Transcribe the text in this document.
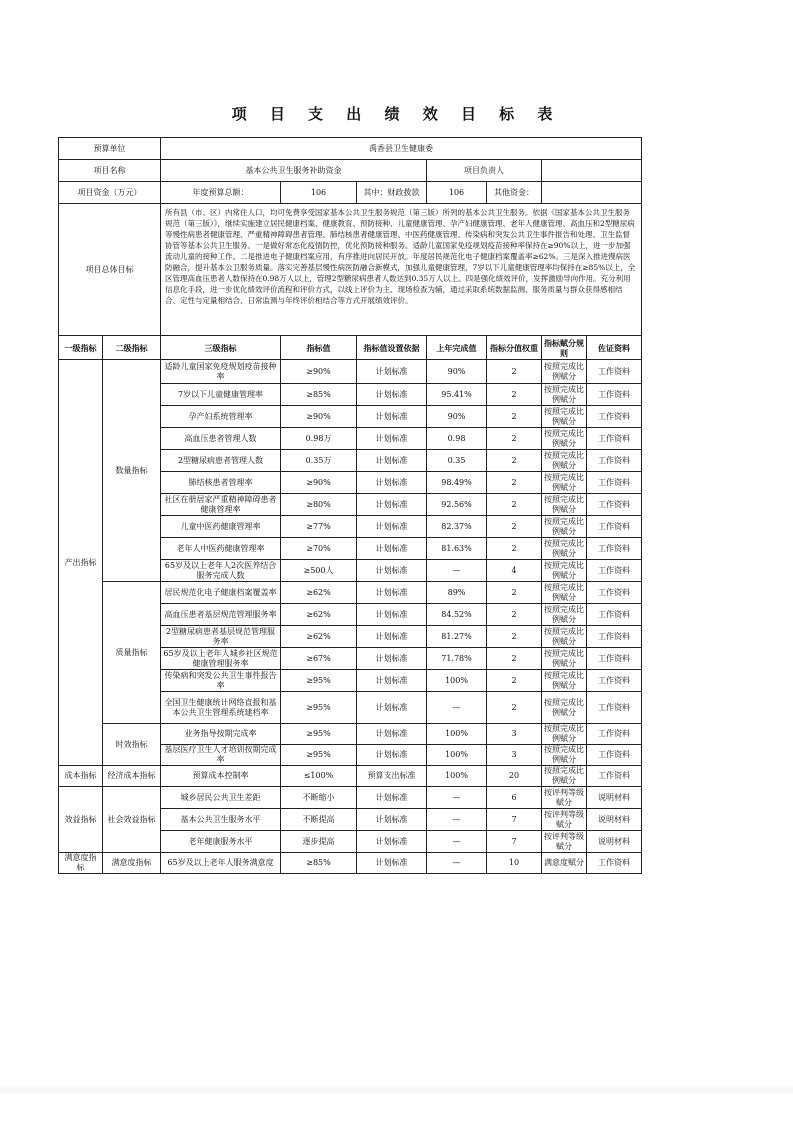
项 目 支 出 绩 效 目 标 表
预算单位		禹香县卫生健康委						
项目名称		基本公共卫生服务补助资金			项目负责人			
项目资金（万元）		年度预算总额：	106	其中：财政拨款	106	其他资金：		
项目总体目标		所有县（市、区）内常住人口，均可免费享受国家基本公共卫生服务规范（第三版）所列的基本公共卫生服务。依据《国家基本公共卫生服务规范（第三版）》，继续实施建立居民健康档案、健康教育、预防接种、儿童健康管理、孕产妇健康管理、老年人健康管理、高血压和2型糖尿病等慢性病患者健康管理、严重精神障碍患者管理、肺结核患者健康管理、中医药健康管理、传染病和突发公共卫生事件报告和处理、卫生监督协管等基本公共卫生服务。一是做好常态化疫情防控，优化预防接种服务。适龄儿童国家免疫规划疫苗接种率保持在≥90%以上，进一步加强流动儿童的接种工作。二是推进电子健康档案应用，有序推进向居民开放。年度居民规范化电子健康档案覆盖率≥62%。三是深入推进慢病医防融合，提升基本公卫服务质量。落实完善基层慢性病医防融合新模式，加强儿童健康管理，7岁以下儿童健康管理率均保持在≥85%以上，全区管理高血压患者人数保持在0.98万人以上，管理2型糖尿病患者人数达到0.35万人以上。四是强化绩效评价，发挥激励导向作用。充分利用信息化手段，进一步优化绩效评价流程和评价方式，以线上评价为主、现场检查为辅，通过采取系统数据监测、服务质量与群众获得感相结合、定性与定量相结合、日常监测与年终评价相结合等方式开展绩效评价。						
一级指标	二级指标	三级指标	指标值	指标值设置依据	上年完成值	指标分值权重	指标赋分规则	佐证资料
产出指标	数量指标	适龄儿童国家免疫规划疫苗接种率	≥90%	计划标准	90%	2	按照完成比例赋分	工作资料
		7岁以下儿童健康管理率	≥85%	计划标准	95.41%	2	按照完成比例赋分	工作资料
		孕产妇系统管理率	≥90%	计划标准	90%	2	按照完成比例赋分	工作资料
		高血压患者管理人数	0.98万	计划标准	0.98	2	按照完成比例赋分	工作资料
		2型糖尿病患者管理人数	0.35万	计划标准	0.35	2	按照完成比例赋分	工作资料
		肺结核患者管理率	≥90%	计划标准	98.49%	2	按照完成比例赋分	工作资料
		社区在册居家严重精神障碍患者健康管理率	≥80%	计划标准	92.56%	2	按照完成比例赋分	工作资料
		儿童中医药健康管理率	≥77%	计划标准	82.37%	2	按照完成比例赋分	工作资料
		老年人中医药健康管理率	≥70%	计划标准	81.63%	2	按照完成比例赋分	工作资料
		65岁及以上老年人2次医养结合服务完成人数	≥500人	计划标准	—	4	按照完成比例赋分	工作资料
	质量指标	居民规范化电子健康档案覆盖率	≥62%	计划标准	89%	2	按照完成比例赋分	工作资料
		高血压患者基层规范管理服务率	≥62%	计划标准	84.52%	2	按照完成比例赋分	工作资料
		2型糖尿病患者基层规范管理服务率	≥62%	计划标准	81.27%	2	按照完成比例赋分	工作资料
		65岁及以上老年人城乡社区规范健康管理服务率	≥67%	计划标准	71.78%	2	按照完成比例赋分	工作资料
		传染病和突发公共卫生事件报告率	≥95%	计划标准	100%	2	按照完成比例赋分	工作资料
		全国卫生健康统计网络直报和基本公共卫生管理系统建档率	≥95%	计划标准	—	2	按照完成比例赋分	工作资料
	时效指标	业务指导按期完成率	≥95%	计划标准	100%	3	按照完成比例赋分	工作资料
		基层医疗卫生人才培训按期完成率	≥95%	计划标准	100%	3	按照完成比例赋分	工作资料
成本指标	经济成本指标	预算成本控制率	≤100%	预算支出标准	100%	20	按照完成比例赋分	工作资料
效益指标	社会效益指标	城乡居民公共卫生差距	不断缩小	计划标准	—	6	按评判等级赋分	说明材料
		基本公共卫生服务水平	不断提高	计划标准	—	7	按评判等级赋分	说明材料
		老年健康服务水平	逐步提高	计划标准	—	7	按评判等级赋分	说明材料
满意度指标	满意度指标	65岁及以上老年人服务满意度	≥85%	计划标准	—	10	满意度赋分	工作资料
